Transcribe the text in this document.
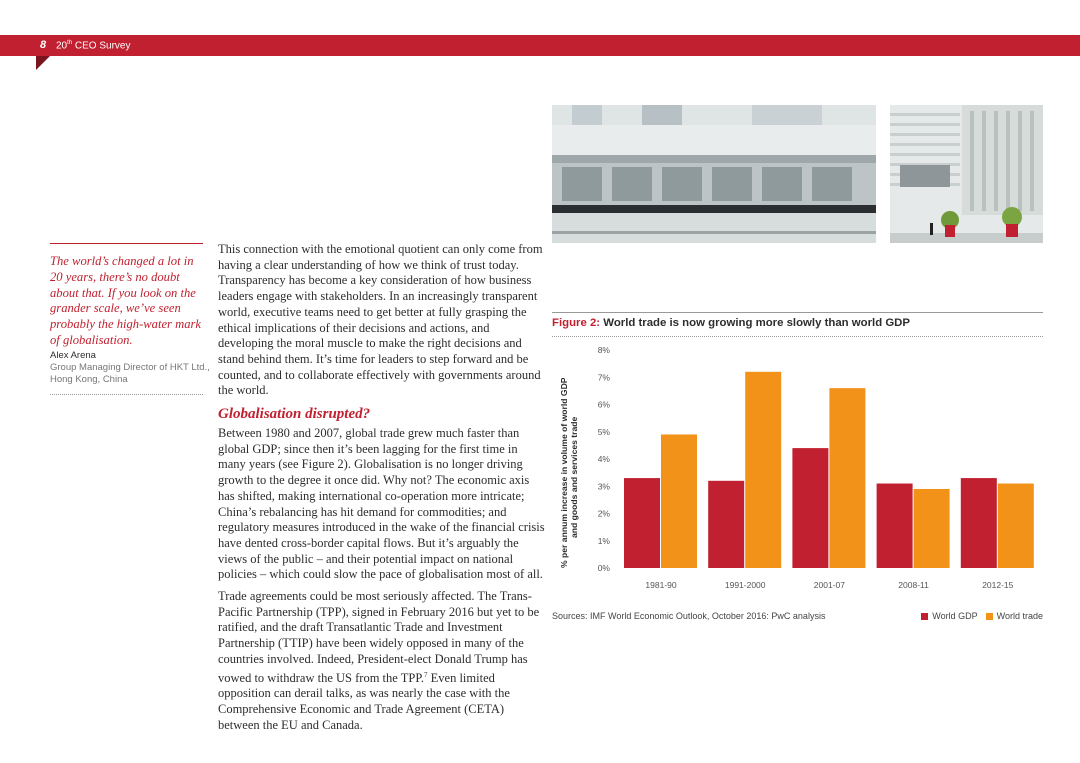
8 20th CEO Survey
The world’s changed a lot in 20 years, there’s no doubt about that. If you look on the grander scale, we’ve seen probably the high-water mark of globalisation.
Alex Arena
Group Managing Director of HKT Ltd., Hong Kong, China

This connection with the emotional quotient can only come from having a clear understanding of how we think of trust today. Transparency has become a key consideration of how business leaders engage with stakeholders. In an increasingly transparent world, executive teams need to get better at fully grasping the ethical implications of their decisions and actions, and developing the moral muscle to make the right decisions and stand behind them. It’s time for leaders to step forward and be counted, and to collaborate effectively with governments around the world.

Globalisation disrupted?

Between 1980 and 2007, global trade grew much faster than global GDP; since then it’s been lagging for the first time in many years (see Figure 2). Globalisation is no longer driving growth to the degree it once did. Why not? The economic axis has shifted, making international co-operation more intricate; China’s rebalancing has hit demand for commodities; and regulatory measures introduced in the wake of the financial crisis have dented cross-border capital flows. But it’s arguably the views of the public – and their potential impact on national policies – which could slow the pace of globalisation most of all.

Trade agreements could be most seriously affected. The Trans-Pacific Partnership (TPP), signed in February 2016 but yet to be ratified, and the draft Transatlantic Trade and Investment Partnership (TTIP) have been widely opposed in many of the countries involved. Indeed, President-elect Donald Trump has vowed to withdraw the US from the TPP.$^7$ Even limited opposition can derail talks, as was nearly the case with the Comprehensive Economic and Trade Agreement (CETA) between the EU and Canada.

Figure 2: World trade is now growing more slowly than world GDP
% per annum increase in volume of world GDP and goods and services trade
0%
1%
2%
3%
4%
5%
6%
7%
8%
1981-90	1991-2000	2001-07	2008-11	2012-15
Sources: IMF World Economic Outlook, October 2016: PwC analysis	World GDP World trade
